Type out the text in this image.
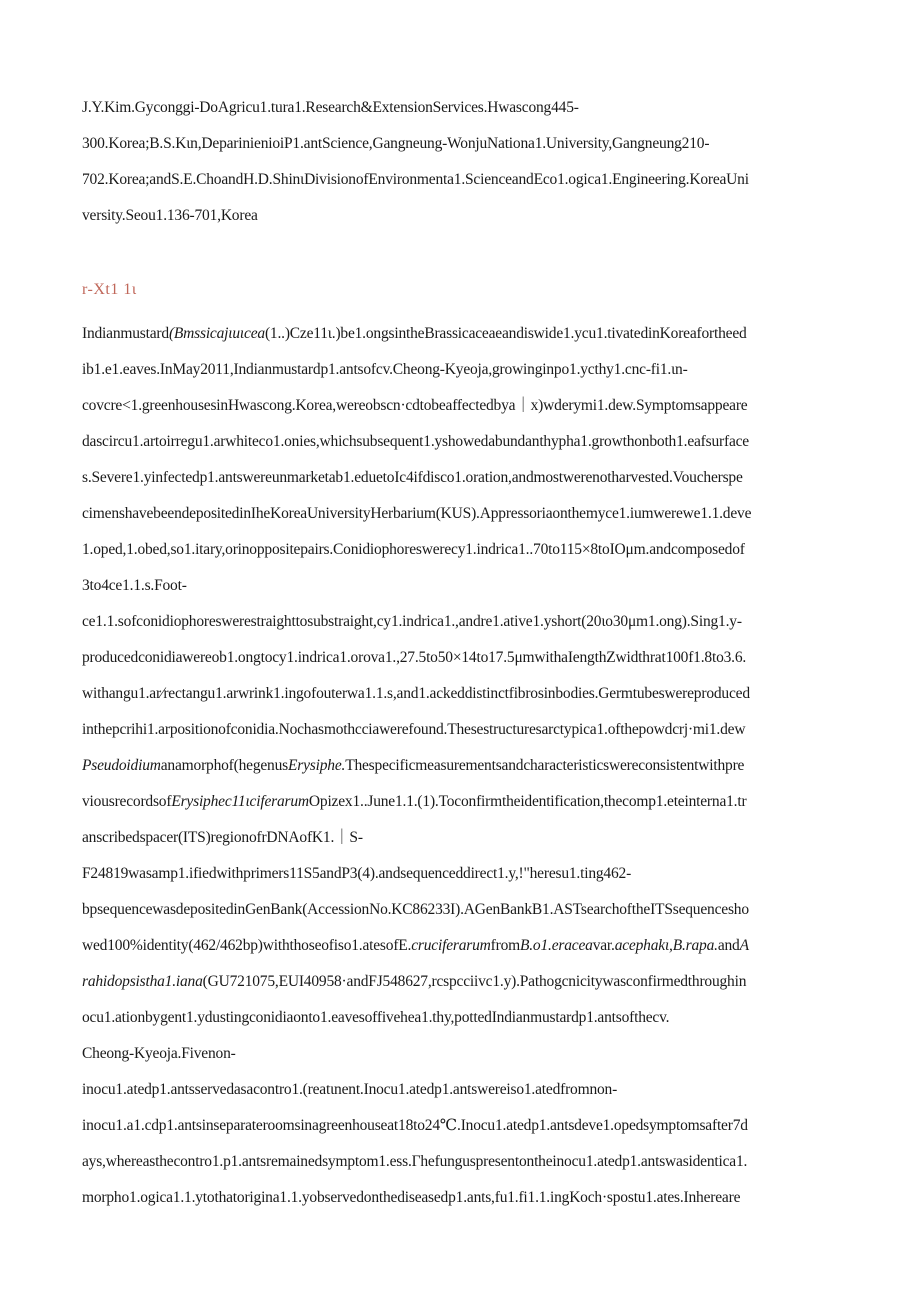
J.Y.Kim.Gyconggi-DoAgricu1.tura1.Research&ExtensionServices.Hwascong445-
300.Korea;B.S.Kιn,DeparinienioiP1.antScience,Gangneung-WonjuNationa1.University,Gangneung210-
702.Korea;andS.E.ChoandH.D.ShinιDivisionofEnvironmenta1.ScienceandEco1.ogica1.Engineering.KoreaUni
versity.Seou1.136-701,Korea
r-Xt1 1ι
Indianmustard(Bmssicajιuιcea(1..)Cze11ι.)be1.ongsintheBrassicaceaeandiswide1.ycu1.tivatedinKoreafortheed
ib1.e1.eaves.InMay2011,Indianmustardp1.antsofcv.Cheong-Kyeoja,growinginpo1.ycthy1.cnc-fi1.ιn-
covcre<1.greenhousesinHwascong.Korea,wereobscn·cdtobeaffectedbya｜x)wderymi1.dew.Symptomsappeare
dascircu1.artoirregu1.arwhiteco1.onies,whichsubsequent1.yshowedabundanthypha1.growthonboth1.eafsurface
s.Severe1.yinfectedp1.antswereunmarketab1.eduetoIc4ifdisco1.oration,andmostwerenotharvested.Voucherspe
cimenshavebeendepositedinIheKoreaUniversityHerbarium(KUS).Appressoriaonthemyce1.iumwerewe1.1.deve
1.oped,1.obed,so1.itary,orinoppositepairs.Conidiophoreswerecy1.indrica1..70to115×8toIOμm.andcomposedof
3to4ce1.1.s.Foot-
ce1.1.sofconidiophoreswerestraighttosubstraight,cy1.indrica1.,andre1.ative1.yshort(20ιo30μm1.ong).Sing1.y-
producedconidiawereob1.ongtocy1.indrica1.orova1.,27.5to50×14to17.5μmwithaIengthZwidthrat100f1.8to3.6.
withangu1.ar⁄rectangu1.arwrink1.ingofouterwa1.1.s,and1.ackeddistinctfibrosinbodies.Germtubeswereproduced
inthepcrihi1.arpositionofconidia.Nochasmothcciawerefound.Thesestructuresarctypica1.ofthepowdcrj·mi1.dew
Pseudoidiumanamorphof(hegenusErysiphe.Thespecificmeasurementsandcharacteristicswereconsistentwithpre
viousrecordsofErysiphec11ιciferarumOpizex1..June1.1.(1).Toconfirmtheidentification,thecomp1.eteinterna1.tr
anscribedspacer(ITS)regionofrDNAofK1.｜S-
F24819wasamp1.ifiedwithprimers11S5andP3(4).andsequenceddirect1.y,!"heresu1.ting462-
bpsequencewasdepositedinGenBank(AccessionNo.KC86233I).AGenBankB1.ASTsearchoftheITSsequencesho
wed100%identity(462/462bp)withthoseofiso1.atesofE.cruciferarumfromB.o1.eraceavar.acephakι,B.rapa.andA
rahidopsistha1.iana(GU721075,EUI40958·andFJ548627,rcspcciivc1.y).Pathogcnicitywasconfirmedthroughin
ocu1.ationbygent1.ydustingconidiaonto1.eavesoffivehea1.thy,pottedIndianmustardp1.antsofthecv.
Cheong-Kyeoja.Fivenon-
inocu1.atedp1.antsservedasacontro1.(reatιnent.Inocu1.atedp1.antswereiso1.atedfromnon-
inocu1.a1.cdp1.antsinseparateroomsinagreenhouseat18to24℃.Inocu1.atedp1.antsdeve1.opedsymptomsafter7d
ays,whereasthecontro1.p1.antsremainedsymptom1.ess.Γhefunguspresentontheinocu1.atedp1.antswasidentica1.
morpho1.ogica1.1.ytothatorigina1.1.yobservedonthediseasedp1.ants,fu1.fi1.1.ingKoch·spostu1.ates.Inhereare
